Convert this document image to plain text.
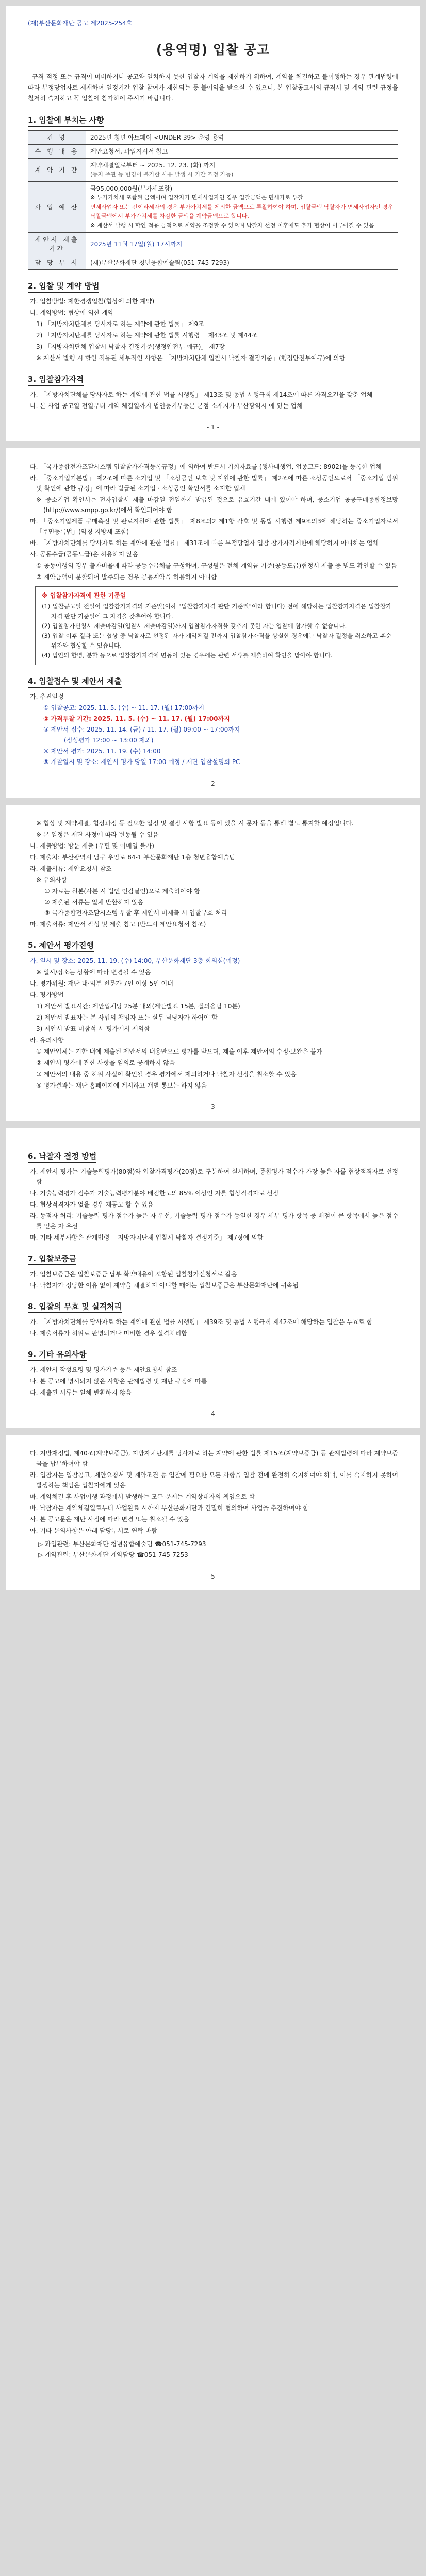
(재)부산문화재단 공고 제2025-254호
(용역명) 입찰 공고

규격 적정 또는 규격이 미비하거나 공고와 일치하지 못한 입찰자 계약을 제한하기 위하여, 계약을 체결하고 불이행하는 경우 관계법령에 따라 부정당업자로 제재하여 일정기간 입찰 참여가 제한되는 등 불이익을 받으실 수 있으니, 본 입찰공고서의 규격서 및 계약 관련 규정을 철저히 숙지하고 꼭 입찰에 참가하여 주시기 바랍니다.

1. 입찰에 부치는 사항
건 명	2025년 청년 아트페어 <UNDER 39> 운영 용역
수 행 내 용	제안요청서, 과업지시서 참고
계 약 기 간	계약체결일로부터 ~ 2025. 12. 23. (화) 까지
(동자 주관 등 변경이 불가한 사유 발생 시 기간 조정 가능)

사 업 예 산	금95,000,000원(부가세포함)
※ 부가가치세 포함된 금액이며 입찰자가 면세사업자인 경우 입찰금액은 면세가로 투찰
면세사업자 또는 간이과세자의 경우 부가가치세를 제외한 금액으로 투찰하여야 하며, 입찰금액 낙찰자가 면세사업자인 경우 낙찰금액에서 부가가치세를 차감한 금액을 계약금액으로 합니다.
※ 계산서 발행 시 할인 적용 금액으로 계약을 조정할 수 있으며 낙찰자 선정 이후에도 추가 협상이 이루어질 수 있음

제안서 제출기간	2025년 11월 17일(월) 17시까지
담 당 부 서	(재)부산문화재단 청년융합예술팀(051-745-7293)
2. 입찰 및 계약 방법

가. 입찰방법: 제한경쟁입찰(협상에 의한 계약)

나. 계약방법: 협상에 의한 계약

1) 「지방자치단체를 당사자로 하는 계약에 관한 법률」 제9조

2) 「지방자치단체를 당사자로 하는 계약에 관한 법률 시행령」 제43조 및 제44조

3) 「지방자치단체 입찰시 낙찰자 결정기준(행정안전부 예규)」 제7장

※ 계산서 발행 시 할인 적용된 세부적인 사항은 「지방자치단체 입찰시 낙찰자 결정기준」(행정안전부예규)에 의함

3. 입찰참가자격

가. 「지방자치단체를 당사자로 하는 계약에 관한 법률 시행령」 제13조 및 동법 시행규칙 제14조에 따른 자격요건을 갖춘 업체

나. 본 사업 공고일 전일부터 계약 체결일까지 법인등기부등본 본점 소재지가 부산광역시 에 있는 업체

- 1 -

다. 「국가종합전자조달시스템 입찰참가자격등록규정」에 의하여 반드시 기회자료를 (행사대행업, 업종코드: 8902)을 등록한 업체

라. 「중소기업기본법」 제2조에 따른 소기업 및 「소상공인 보호 및 지원에 관한 법률」 제2조에 따른 소상공인으로서 「중소기업 범위 및 확인에 관한 규정」에 따라 발급된 소기업 · 소상공인 확인서를 소지한 업체

※ 중소기업 확인서는 전자입찰서 제출 마감일 전일까지 발급된 것으로 유효기간 내에 있어야 하며, 중소기업 공공구매종합정보망(http://www.smpp.go.kr/)에서 확인되어야 함

마. 「중소기업제품 구매촉진 및 판로지원에 관한 법률」 제8조의2 제1항 각호 및 동법 시행령 제9조의3에 해당하는 중소기업자로서 「주민등록법」(약칭 지방세 포함)

바. 「지방자치단체를 당사자로 하는 계약에 관한 법률」 제31조에 따른 부정당업자 입찰 참가자격제한에 해당하지 아니하는 업체

사. 공동수급(공동도급)은 허용하지 않음

① 공동이행의 경우 출자비율에 따라 공동수급체를 구성하며, 구성원은 전체 계약금 기준(공동도급)협정서 제출 중 별도 확인할 수 있음

② 계약금액이 분할되어 발주되는 경우 공동계약을 허용하지 아니함

※ 입찰참가자격에 관한 기준일

(1) 입찰공고일 전일이 입찰참가자격의 기준일(이하 "입찰참가자격 판단 기준일"이라 합니다) 전에 해당하는 입찰참가자격은 입찰참가자격 판단 기준일에 그 자격을 갖추어야 합니다.

(2) 입찰참가신청서 제출마감일(입찰서 제출마감일)까지 입찰참가자격을 갖추지 못한 자는 입찰에 참가할 수 없습니다.

(3) 입찰 이후 결과 또는 협상 중 낙찰자로 선정된 자가 계약체결 전까지 입찰참가자격을 상실한 경우에는 낙찰자 결정을 취소하고 후순위자와 협상할 수 있습니다.

(4) 법인의 합병, 분할 등으로 입찰참가자격에 변동이 있는 경우에는 관련 서류를 제출하여 확인을 받아야 합니다.

4. 입찰접수 및 제안서 제출

가. 추진일정

① 입찰공고: 2025. 11. 5. (수) ~ 11. 17. (월) 17:00까지
② 가격투찰 기간: 2025. 11. 5. (수) ~ 11. 17. (월) 17:00까지
③ 제안서 접수: 2025. 11. 14. (금) / 11. 17. (월) 09:00 ~ 17:00까지
(정성평가 12:00 ~ 13:00 제외)
④ 제안서 평가: 2025. 11. 19. (수) 14:00
⑤ 개찰일시 및 장소: 제안서 평가 당일 17:00 예정 / 재단 입찰설명회 PC
- 2 -

※ 협상 및 계약체결, 협상과정 등 필요한 일정 및 결정 사항 발표 등이 있을 시 문자 등을 통해 별도 통지할 예정입니다.

※ 본 일정은 재단 사정에 따라 변동될 수 있음

나. 제출방법: 방문 제출 (우편 및 이메일 불가)

다. 제출처: 부산광역시 남구 우암로 84-1 부산문화재단 1층 청년융합예술팀

라. 제출서류: 제안요청서 참조

※ 유의사항

① 자료는 원본(사본 시 법인 인감날인)으로 제출하여야 함

② 제출된 서류는 일체 반환하지 않음

③ 국가종합전자조달시스템 투찰 후 제안서 미제출 시 입찰무효 처리

마. 제출서류: 제안서 작성 및 제출 참고 (반드시 제안요청서 참조)

5. 제안서 평가진행

가. 일시 및 장소: 2025. 11. 19. (수) 14:00, 부산문화재단 3층 회의실(예정)

※ 일시/장소는 상황에 따라 변경될 수 있음

나. 평가위원: 재단 내·외부 전문가 7인 이상 5인 이내

다. 평가방법

1) 제안서 발표시간: 제안업체당 25분 내외(제안발표 15분, 질의응답 10분)

2) 제안서 발표자는 본 사업의 책임자 또는 실무 담당자가 하여야 함

3) 제안서 발표 미참석 시 평가에서 제외함

라. 유의사항

① 제안업체는 기한 내에 제출된 제안서의 내용만으로 평가를 받으며, 제출 이후 제안서의 수정·보완은 불가

② 제안서 평가에 관한 사항을 임의로 공개하지 않음

③ 제안서의 내용 중 허위 사실이 확인될 경우 평가에서 제외하거나 낙찰자 선정을 취소할 수 있음

④ 평가결과는 재단 홈페이지에 게시하고 개별 통보는 하지 않음

- 3 -
6. 낙찰자 결정 방법

가. 제안서 평가는 기술능력평가(80점)와 입찰가격평가(20점)로 구분하여 실시하며, 종합평가 점수가 가장 높은 자를 협상적격자로 선정함

나. 기술능력평가 점수가 기술능력평가분야 배점한도의 85% 이상인 자를 협상적격자로 선정

다. 협상적격자가 없을 경우 재공고 할 수 있음

라. 동점자 처리: 기술능력 평가 점수가 높은 자 우선, 기술능력 평가 점수가 동일한 경우 세부 평가 항목 중 배점이 큰 항목에서 높은 점수를 얻은 자 우선

마. 기타 세부사항은 관계법령 「지방자치단체 입찰시 낙찰자 결정기준」 제7장에 의함

7. 입찰보증금

가. 입찰보증금은 입찰보증금 납부 확약내용이 포함된 입찰참가신청서로 갈음

나. 낙찰자가 정당한 이유 없이 계약을 체결하지 아니할 때에는 입찰보증금은 부산문화재단에 귀속됨

8. 입찰의 무효 및 실격처리

가. 「지방자치단체를 당사자로 하는 계약에 관한 법률 시행령」 제39조 및 동법 시행규칙 제42조에 해당하는 입찰은 무효로 함

나. 제출서류가 허위로 판명되거나 미비한 경우 실격처리함

9. 기타 유의사항

가. 제안서 작성요령 및 평가기준 등은 제안요청서 참조

나. 본 공고에 명시되지 않은 사항은 관계법령 및 재단 규정에 따름

다. 제출된 서류는 일체 반환하지 않음

- 4 -

다. 지방재정법, 제40조(계약보증금), 지방자치단체를 당사자로 하는 계약에 관한 법률 제15조(계약보증금) 등 관계법령에 따라 계약보증금을 납부하여야 함

라. 입찰자는 입찰공고, 제안요청서 및 계약조건 등 입찰에 필요한 모든 사항을 입찰 전에 완전히 숙지하여야 하며, 이를 숙지하지 못하여 발생하는 책임은 입찰자에게 있음

마. 계약체결 후 사업이행 과정에서 발생하는 모든 문제는 계약상대자의 책임으로 함

바. 낙찰자는 계약체결일로부터 사업완료 시까지 부산문화재단과 긴밀히 협의하여 사업을 추진하여야 함

사. 본 공고문은 재단 사정에 따라 변경 또는 취소될 수 있음

아. 기타 문의사항은 아래 담당부서로 연락 바람

▷ 과업관련: 부산문화재단 청년융합예술팀 ☎051-745-7293
▷ 계약관련: 부산문화재단 계약담당 ☎051-745-7253
- 5 -
